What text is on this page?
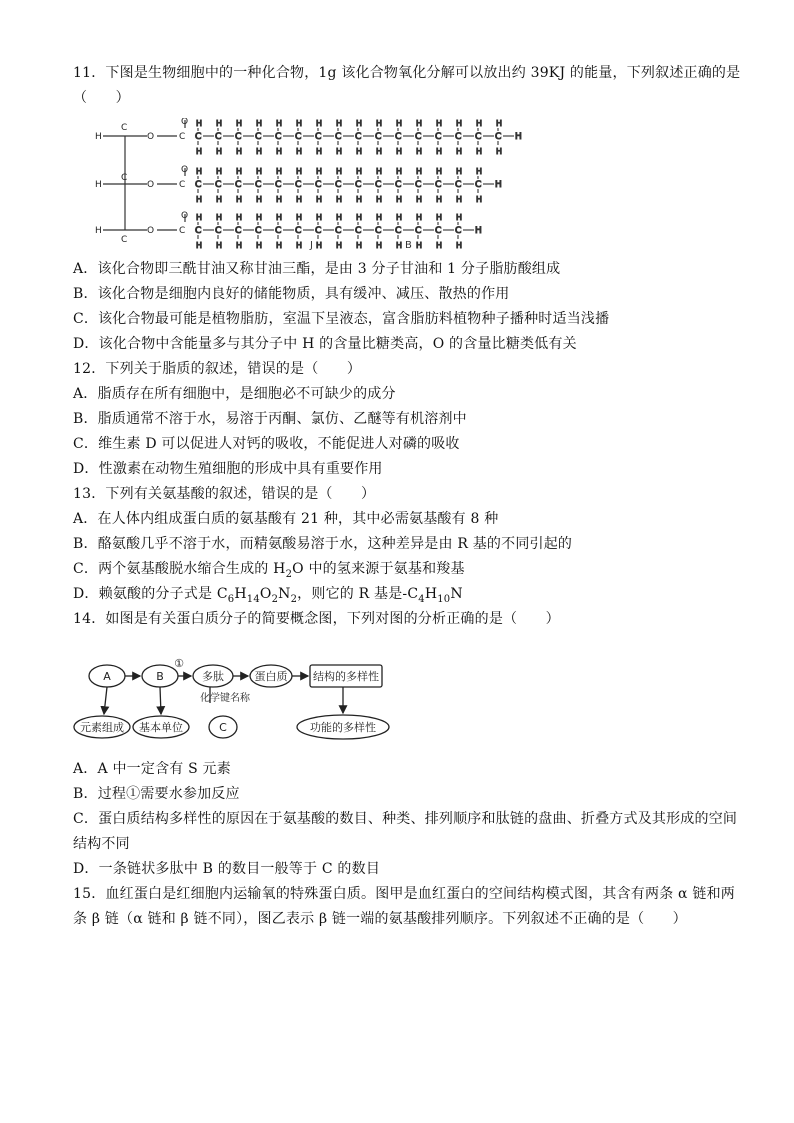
11．下图是生物细胞中的一种化合物，1g 该化合物氧化分解可以放出约 39KJ 的能量，下列叙述正确的是
（　　）
C
H
H
C
H
H
C
H
H
C
H
H
C
H
H
C
H
H
C
H
H
C
H
H
C
H
H
C
H
H
C
H
H
C
H
H
C
H
H
C
H
H
C
H
H
C
H
H
H
C
H
H
C
H
H
C
H
H
C
H
H
C
H
H
C
H
H
C
H
H
C
H
H
C
H
H
C
H
H
C
H
H
C
H
H
C
H
H
C
H
H
C
H
H
H
C
H
H
C
H
H
C
H
H
C
H
H
C
H
H
C
H
H
C
H
H
C
H
H
C
H
H
C
H
H
C
H
H
C
H
H
C
H
H
C
H
H
H
H
H
H
C
C
C
O
O
O
C
C
C
O
O
O
J	B
A．该化合物即三酰甘油又称甘油三酯，是由 3 分子甘油和 1 分子脂肪酸组成
B．该化合物是细胞内良好的储能物质，具有缓冲、减压、散热的作用
C．该化合物最可能是植物脂肪，室温下呈液态，富含脂肪料植物种子播种时适当浅播
D．该化合物中含能量多与其分子中 H 的含量比糖类高，O 的含量比糖类低有关
12．下列关于脂质的叙述，错误的是（　　）
A．脂质存在所有细胞中，是细胞必不可缺少的成分
B．脂质通常不溶于水，易溶于丙酮、氯仿、乙醚等有机溶剂中
C．维生素 D 可以促进人对钙的吸收，不能促进人对磷的吸收
D．性激素在动物生殖细胞的形成中具有重要作用
13．下列有关氨基酸的叙述，错误的是（　　）
A．在人体内组成蛋白质的氨基酸有 21 种，其中必需氨基酸有 8 种
B．酪氨酸几乎不溶于水，而精氨酸易溶于水，这种差异是由 R 基的不同引起的
C．两个氨基酸脱水缩合生成的 $H_2O$ 中的氢来源于氨基和羧基
D．赖氨酸的分子式是 $C_6H_{14}O_2N_2$，则它的 R 基是$-C_4H_{10}N$
14．如图是有关蛋白质分子的简要概念图，下列对图的分析正确的是（　　）
A	B	多肽	蛋白质 结构的多样性
元素组成 基本单位	C	功能的多样性
①
化学键名称
A．A 中一定含有 S 元素
B．过程①需要水参加反应
C．蛋白质结构多样性的原因在于氨基酸的数目、种类、排列顺序和肽链的盘曲、折叠方式及其形成的空间
结构不同
D．一条链状多肽中 B 的数目一般等于 C 的数目
15．血红蛋白是红细胞内运输氧的特殊蛋白质。图甲是血红蛋白的空间结构模式图，其含有两条 α 链和两
条 β 链（α 链和 β 链不同），图乙表示 β 链一端的氨基酸排列顺序。下列叙述不正确的是（　　）
